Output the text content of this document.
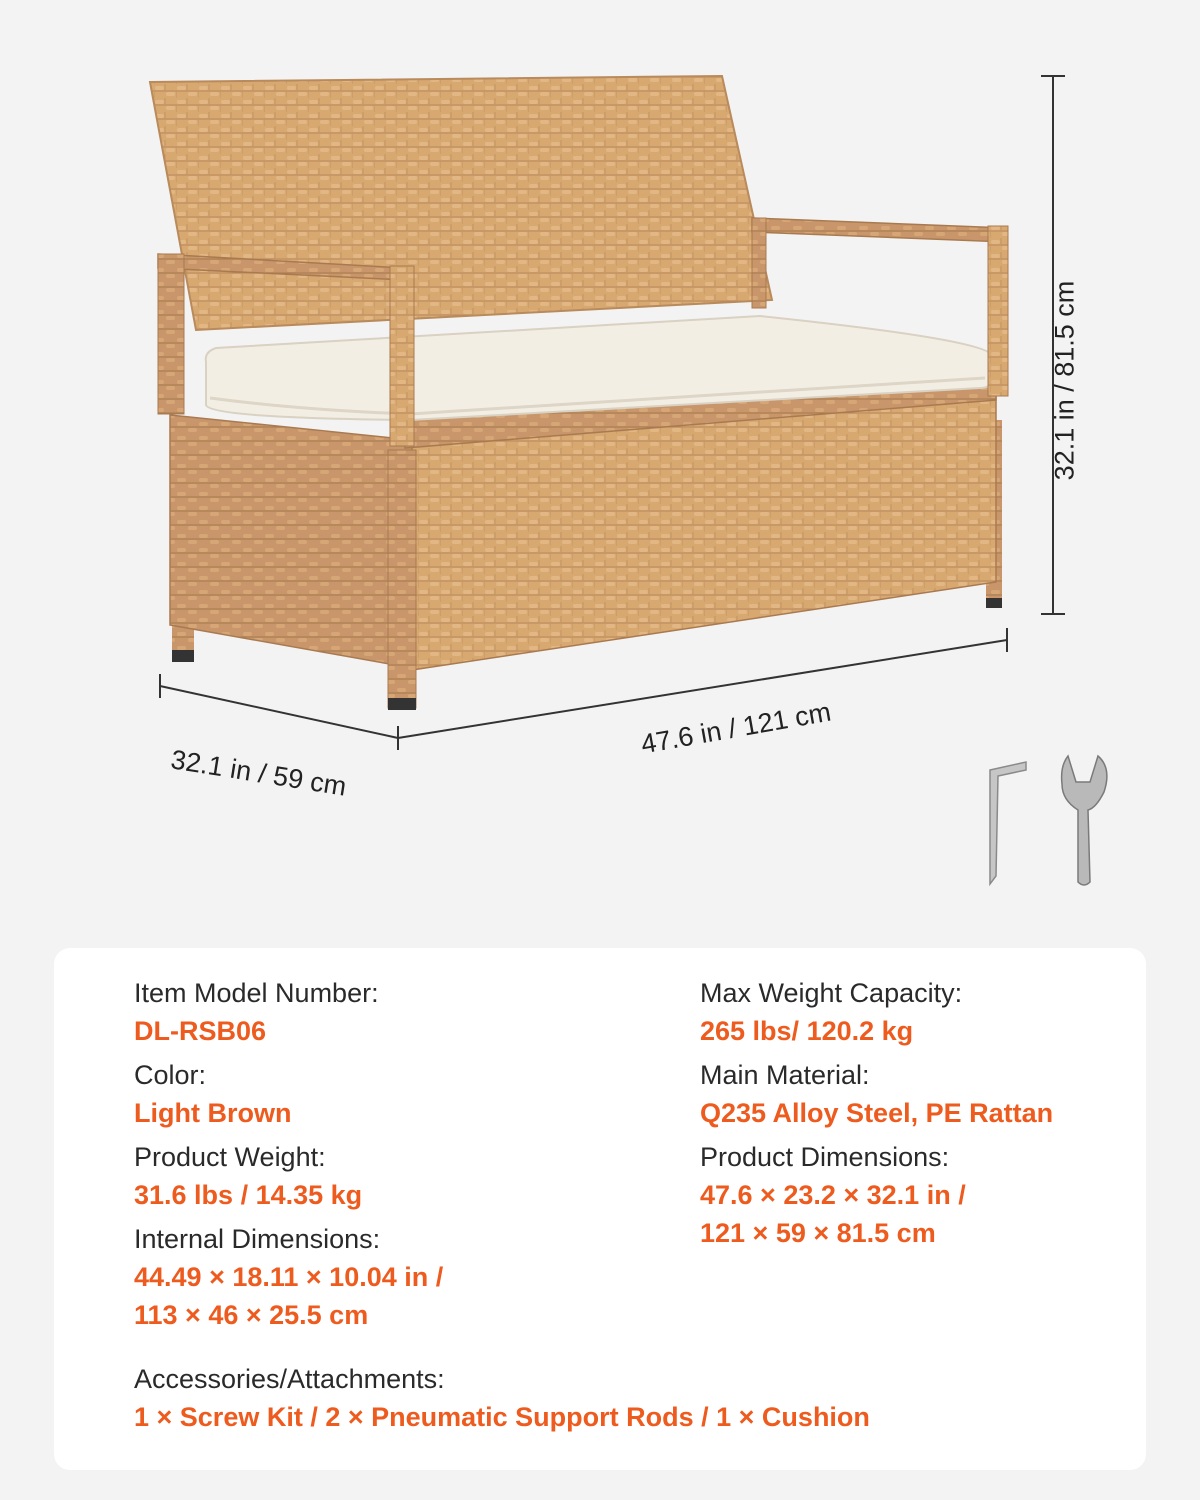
47.6 in / 121 cm
32.1 in / 59 cm
32.1 in / 81.5 cm

Item Model Number:

DL-RSB06

Color:

Light Brown

Product Weight:

31.6 lbs / 14.35 kg

Internal Dimensions:

44.49 × 18.11 × 10.04 in /
113 × 46 × 25.5 cm

Max Weight Capacity:

265 lbs/ 120.2 kg

Main Material:

Q235 Alloy Steel, PE Rattan

Product Dimensions:

47.6 × 23.2 × 32.1 in /
121 × 59 × 81.5 cm

Accessories/Attachments:

1 × Screw Kit / 2 × Pneumatic Support Rods / 1 × Cushion
